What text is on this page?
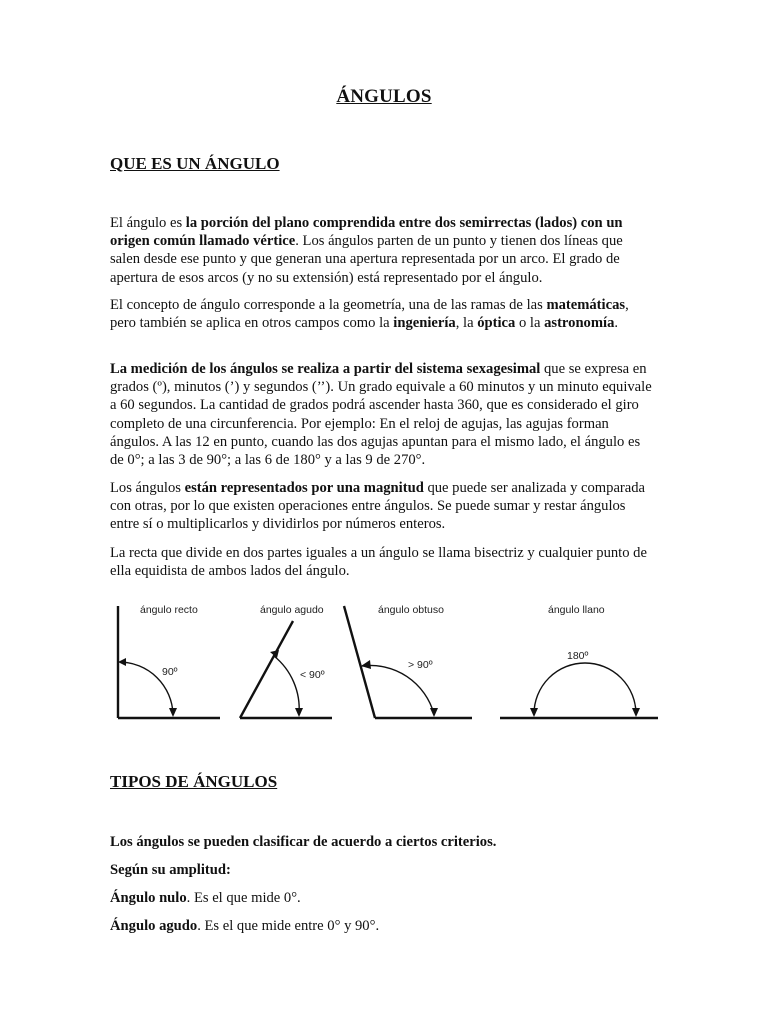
ÁNGULOS
QUE ES UN ÁNGULO
El ángulo es la porción del plano comprendida entre dos semirrectas (lados) con un origen común llamado vértice. Los ángulos parten de un punto y tienen dos líneas que salen desde ese punto y que generan una apertura representada por un arco. El grado de apertura de esos arcos (y no su extensión) está representado por el ángulo.
El concepto de ángulo corresponde a la geometría, una de las ramas de las matemáticas, pero también se aplica en otros campos como la ingeniería, la óptica o la astronomía.
La medición de los ángulos se realiza a partir del sistema sexagesimal que se expresa en grados (º), minutos (’) y segundos (’’). Un grado equivale a 60 minutos y un minuto equivale a 60 segundos. La cantidad de grados podrá ascender hasta 360, que es considerado el giro completo de una circunferencia. Por ejemplo: En el reloj de agujas, las agujas forman ángulos. A las 12 en punto, cuando las dos agujas apuntan para el mismo lado, el ángulo es de 0°; a las 3 de 90°; a las 6 de 180° y a las 9 de 270°.
Los ángulos están representados por una magnitud que puede ser analizada y comparada con otras, por lo que existen operaciones entre ángulos. Se puede sumar y restar ángulos entre sí o multiplicarlos y dividirlos por números enteros.
La recta que divide en dos partes iguales a un ángulo se llama bisectriz y cualquier punto de ella equidista de ambos lados del ángulo.
ángulo recto
90º
ángulo agudo
< 90º
ángulo obtuso
> 90º
ángulo llano
180º
TIPOS DE ÁNGULOS
Los ángulos se pueden clasificar de acuerdo a ciertos criterios.
Según su amplitud:
Ángulo nulo. Es el que mide 0°.
Ángulo agudo. Es el que mide entre 0° y 90°.
